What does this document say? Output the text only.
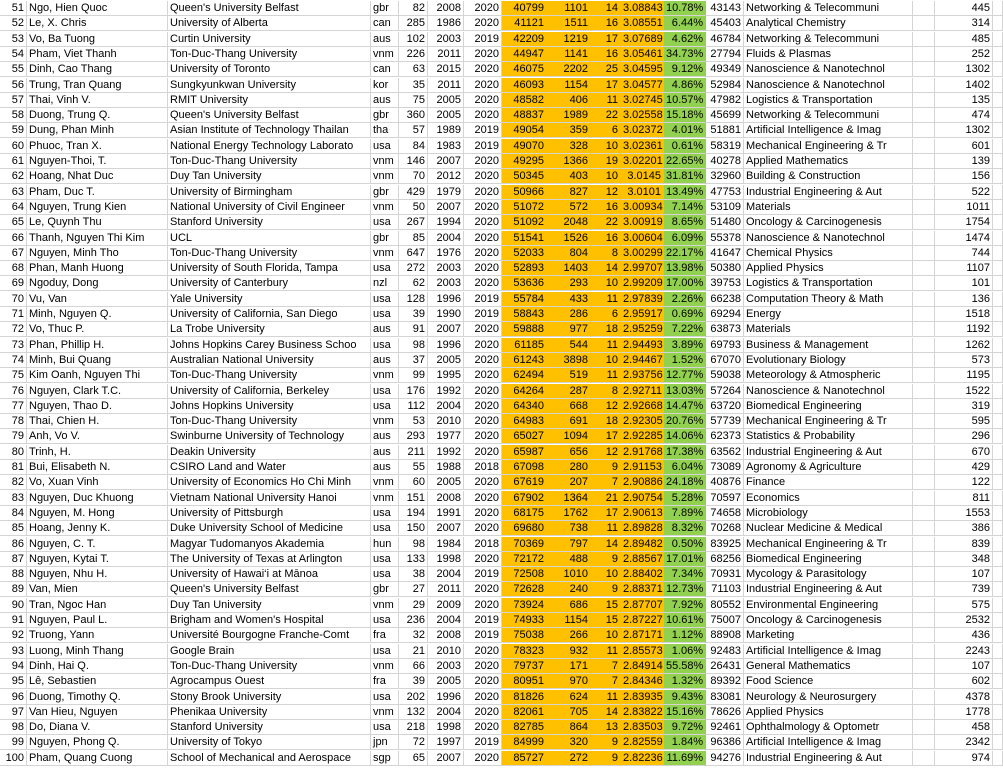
51 Ngo, Hien Quoc	Queen's University Belfast	gbr	82	2008	2020	40799	1101	14 3.08843 10.78% 43143 Networking & Telecommuni	445
52 Le, X. Chris	University of Alberta	can	285	1986	2020	41121	1511	16 3.08551 6.44% 45403 Analytical Chemistry	314
53 Vo, Ba Tuong	Curtin University	aus	102	2003	2019	42209	1219	17 3.07689 4.62% 46784 Networking & Telecommuni	485
54 Pham, Viet Thanh	Ton-Duc-Thang University	vnm	226	2011	2020	44947	1141	16 3.05461 34.73% 27794 Fluids & Plasmas	252
55 Dinh, Cao Thang	University of Toronto	can	63	2015	2020	46075	2202	25 3.04595 9.12% 49349 Nanoscience & Nanotechnol	1302
56 Trung, Tran Quang	Sungkyunkwan University	kor	35	2011	2020	46093	1154	17 3.04577 4.86% 52984 Nanoscience & Nanotechnol	1402
57 Thai, Vinh V.	RMIT University	aus	75	2005	2020	48582	406	11 3.02745 10.57% 47982 Logistics & Transportation	135
58 Duong, Trung Q.	Queen's University Belfast	gbr	360	2005	2020	48837	1989	22 3.02558 15.18% 45699 Networking & Telecommuni	474
59 Dung, Phan Minh	Asian Institute of Technology Thailan	tha	57	1989	2019	49054	359	6 3.02372 4.01% 51881 Artificial Intelligence & Imag	1302
60 Phuoc, Tran X.	National Energy Technology Laborato	usa	84	1983	2019	49070	328	10 3.02361 0.61% 58319 Mechanical Engineering & Tr	601
61 Nguyen-Thoi, T.	Ton-Duc-Thang University	vnm	146	2007	2020	49295	1366	19 3.02201 22.65% 40278 Applied Mathematics	139
62 Hoang, Nhat Duc	Duy Tan University	vnm	70	2012	2020	50345	403	10 3.0145 31.81% 32960 Building & Construction	156
63 Pham, Duc T.	University of Birmingham	gbr	429	1979	2020	50966	827	12 3.0101 13.49% 47753 Industrial Engineering & Aut	522
64 Nguyen, Trung Kien	National University of Civil Engineer	vnm	50	2007	2020	51072	572	16 3.00934 7.14% 53109 Materials	1011
65 Le, Quynh Thu	Stanford University	usa	267	1994	2020	51092	2048	22 3.00919 8.65% 51480 Oncology & Carcinogenesis	1754
66 Thanh, Nguyen Thi Kim	UCL	gbr	85	2004	2020	51541	1526	16 3.00604 6.09% 55378 Nanoscience & Nanotechnol	1474
67 Nguyen, Minh Tho	Ton-Duc-Thang University	vnm	647	1976	2020	52033	804	8 3.00299 22.17% 41647 Chemical Physics	744
68 Phan, Manh Huong	University of South Florida, Tampa	usa	272	2003	2020	52893	1403	14 2.99707 13.98% 50380 Applied Physics	1107
69 Ngoduy, Dong	University of Canterbury	nzl	62	2003	2020	53636	293	10 2.99209 17.00% 39753 Logistics & Transportation	101
70 Vu, Van	Yale University	usa	128	1996	2019	55784	433	11 2.97839 2.26% 66238 Computation Theory & Math	136
71 Minh, Nguyen Q.	University of California, San Diego	usa	39	1990	2019	58843	286	6 2.95917 0.69% 69294 Energy	1518
72 Vo, Thuc P.	La Trobe University	aus	91	2007	2020	59888	977	18 2.95259 7.22% 63873 Materials	1192
73 Phan, Phillip H.	Johns Hopkins Carey Business Schoo	usa	98	1996	2020	61185	544	11 2.94493 3.89% 69793 Business & Management	1262
74 Minh, Bui Quang	Australian National University	aus	37	2005	2020	61243	3898	10 2.94467 1.52% 67070 Evolutionary Biology	573
75 Kim Oanh, Nguyen Thi	Ton-Duc-Thang University	vnm	99	1995	2020	62494	519	11 2.93756 12.77% 59038 Meteorology & Atmospheric	1195
76 Nguyen, Clark T.C.	University of California, Berkeley	usa	176	1992	2020	64264	287	8 2.92711 13.03% 57264 Nanoscience & Nanotechnol	1522
77 Nguyen, Thao D.	Johns Hopkins University	usa	112	2004	2020	64340	668	12 2.92668 14.47% 63720 Biomedical Engineering	319
78 Thai, Chien H.	Ton-Duc-Thang University	vnm	53	2010	2020	64983	691	18 2.92305 20.76% 57739 Mechanical Engineering & Tr	595
79 Anh, Vo V.	Swinburne University of Technology	aus	293	1977	2020	65027	1094	17 2.92285 14.06% 62373 Statistics & Probability	296
80 Trinh, H.	Deakin University	aus	211	1992	2020	65987	656	12 2.91768 17.38% 63562 Industrial Engineering & Aut	670
81 Bui, Elisabeth N.	CSIRO Land and Water	aus	55	1988	2018	67098	280	9 2.91153 6.04% 73089 Agronomy & Agriculture	429
82 Vo, Xuan Vinh	University of Economics Ho Chi Minh	vnm	60	2005	2020	67619	207	7 2.90886 24.18% 40876 Finance	122
83 Nguyen, Duc Khuong	Vietnam National University Hanoi	vnm	151	2008	2020	67902	1364	21 2.90754 5.28% 70597 Economics	811
84 Nguyen, M. Hong	University of Pittsburgh	usa	194	1991	2020	68175	1762	17 2.90613 7.89% 74658 Microbiology	1553
85 Hoang, Jenny K.	Duke University School of Medicine	usa	150	2007	2020	69680	738	11 2.89828 8.32% 70268 Nuclear Medicine & Medical	386
86 Nguyen, C. T.	Magyar Tudomanyos Akademia	hun	98	1984	2018	70369	797	14 2.89482 0.50% 83925 Mechanical Engineering & Tr	839
87 Nguyen, Kytai T.	The University of Texas at Arlington	usa	133	1998	2020	72172	488	9 2.88567 17.01% 68256 Biomedical Engineering	348
88 Nguyen, Nhu H.	University of Hawai‘i at Mānoa	usa	38	2004	2019	72508	1010	10 2.88402 7.34% 70931 Mycology & Parasitology	107
89 Van, Mien	Queen's University Belfast	gbr	27	2011	2020	72628	240	9 2.88371 12.73% 71103 Industrial Engineering & Aut	739
90 Tran, Ngoc Han	Duy Tan University	vnm	29	2009	2020	73924	686	15 2.87707 7.92% 80552 Environmental Engineering	575
91 Nguyen, Paul L.	Brigham and Women's Hospital	usa	236	2004	2019	74933	1154	15 2.87227 10.61% 75007 Oncology & Carcinogenesis	2532
92 Truong, Yann	Université Bourgogne Franche-Comt	fra	32	2008	2019	75038	266	10 2.87171 1.12% 88908 Marketing	436
93 Luong, Minh Thang	Google Brain	usa	21	2010	2020	78323	932	11 2.85573 1.06% 92483 Artificial Intelligence & Imag	2243
94 Dinh, Hai Q.	Ton-Duc-Thang University	vnm	66	2003	2020	79737	171	7 2.84914 55.58% 26431 General Mathematics	107
95 Lê, Sebastien	Agrocampus Ouest	fra	39	2005	2020	80951	970	7 2.84346 1.32% 89392 Food Science	602
96 Duong, Timothy Q.	Stony Brook University	usa	202	1996	2020	81826	624	11 2.83935 9.43% 83081 Neurology & Neurosurgery	4378
97 Van Hieu, Nguyen	Phenikaa University	vnm	132	2004	2020	82061	705	14 2.83822 15.16% 78626 Applied Physics	1778
98 Do, Diana V.	Stanford University	usa	218	1998	2020	82785	864	13 2.83503 9.72% 92461 Ophthalmology & Optometr	458
99 Nguyen, Phong Q.	University of Tokyo	jpn	72	1997	2019	84999	320	9 2.82559 1.84% 96386 Artificial Intelligence & Imag	2342
100 Pham, Quang Cuong	School of Mechanical and Aerospace	sgp	65	2007	2020	85727	272	9 2.82236 11.69% 94276 Industrial Engineering & Aut	974
